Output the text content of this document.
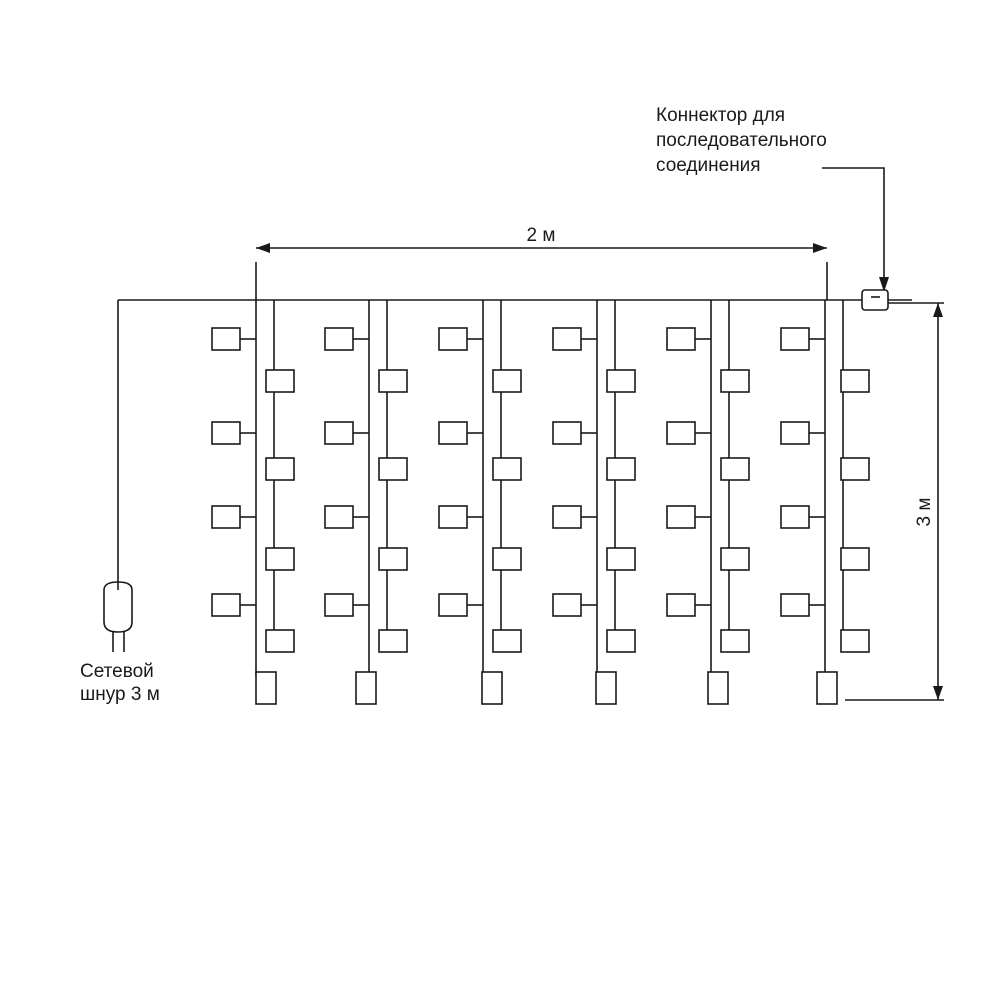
2 м
3 м
Коннектор для
последовательного
соединения
Сетевой
шнур 3 м
